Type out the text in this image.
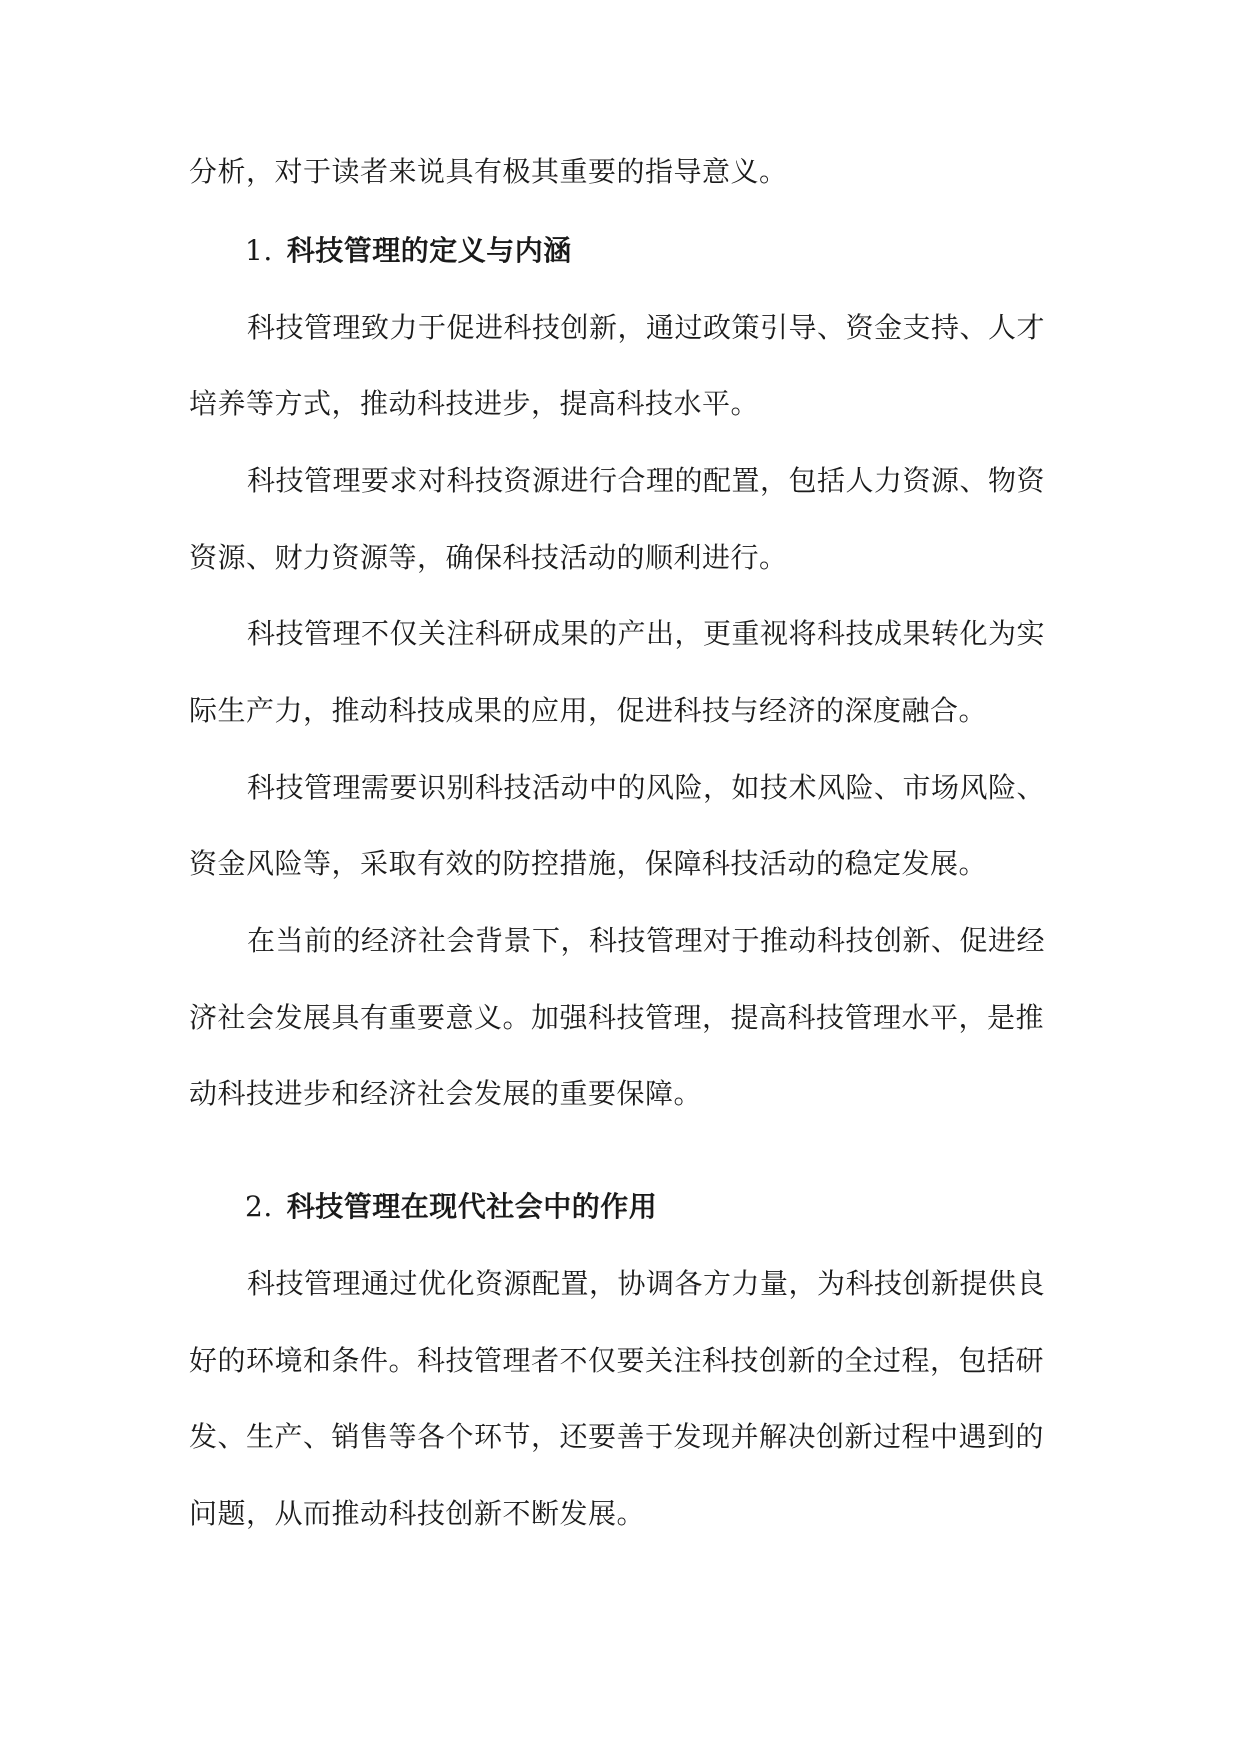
分析，对于读者来说具有极其重要的指导意义。
1. 科技管理的定义与内涵
科技管理致力于促进科技创新，通过政策引导、资金支持、人才
培养等方式，推动科技进步，提高科技水平。
科技管理要求对科技资源进行合理的配置，包括人力资源、物资
资源、财力资源等，确保科技活动的顺利进行。
科技管理不仅关注科研成果的产出，更重视将科技成果转化为实
际生产力，推动科技成果的应用，促进科技与经济的深度融合。
科技管理需要识别科技活动中的风险，如技术风险、市场风险、
资金风险等，采取有效的防控措施，保障科技活动的稳定发展。
在当前的经济社会背景下，科技管理对于推动科技创新、促进经
济社会发展具有重要意义。加强科技管理，提高科技管理水平，是推
动科技进步和经济社会发展的重要保障。
2. 科技管理在现代社会中的作用
科技管理通过优化资源配置，协调各方力量，为科技创新提供良
好的环境和条件。科技管理者不仅要关注科技创新的全过程，包括研
发、生产、销售等各个环节，还要善于发现并解决创新过程中遇到的
问题，从而推动科技创新不断发展。
